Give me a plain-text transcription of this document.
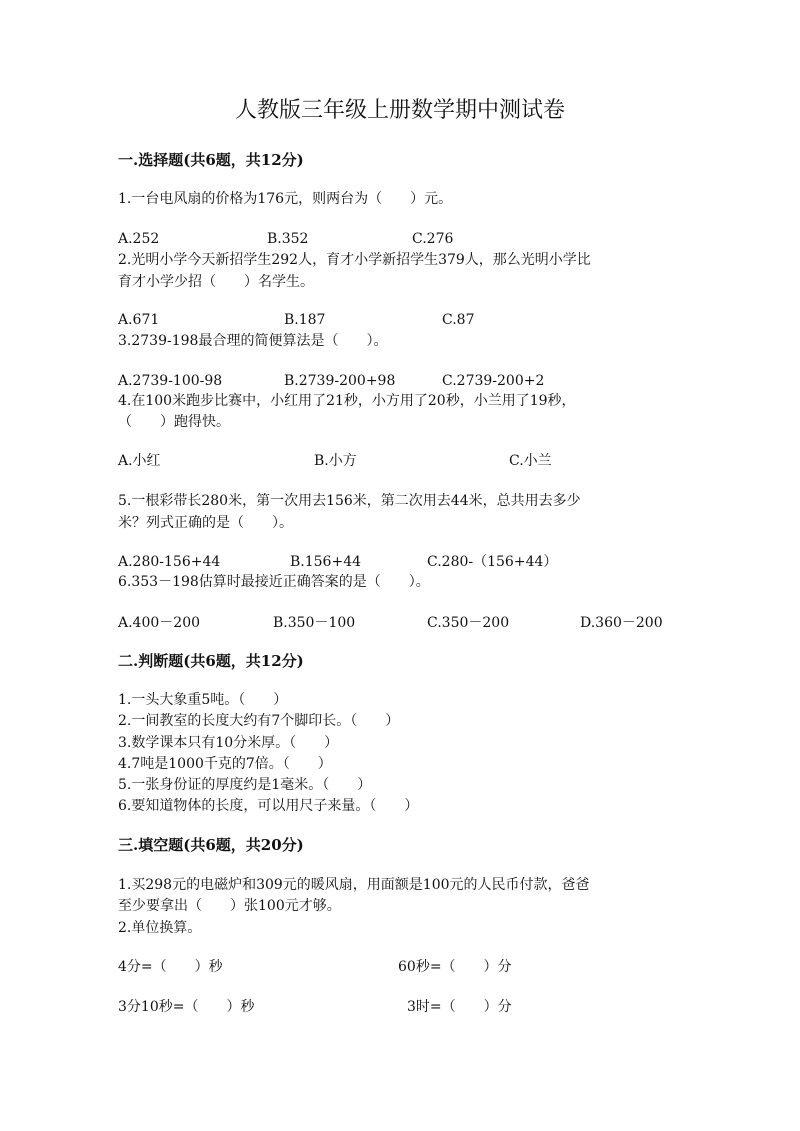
人教版三年级上册数学期中测试卷
一.选择题(共6题，共12分)
1.一台电风扇的价格为176元，则两台为（　　）元。
A.252	B.352	C.276
2.光明小学今天新招学生292人，育才小学新招学生379人，那么光明小学比
育才小学少招（　　）名学生。
A.671	B.187	C.87
3.2739-198最合理的简便算法是（　　）。
A.2739-100-98	B.2739-200+98	C.2739-200+2
4.在100米跑步比赛中，小红用了21秒，小方用了20秒，小兰用了19秒，
（　　）跑得快。
A.小红	B.小方	C.小兰
5.一根彩带长280米，第一次用去156米，第二次用去44米，总共用去多少
米？列式正确的是（　　）。
A.280-156+44	B.156+44	C.280-（156+44）
6.353－198估算时最接近正确答案的是（　　）。
A.400－200	B.350－100	C.350－200	D.360－200
二.判断题(共6题，共12分)
1.一头大象重5吨。（　　）
2.一间教室的长度大约有7个脚印长。（　　）
3.数学课本只有10分米厚。（　　）
4.7吨是1000千克的7倍。（　　）
5.一张身份证的厚度约是1毫米。（　　）
6.要知道物体的长度，可以用尺子来量。（　　）
三.填空题(共6题，共20分)
1.买298元的电磁炉和309元的暖风扇，用面额是100元的人民币付款，爸爸
至少要拿出（　　）张100元才够。
2.单位换算。
4分=（　　）秒	60秒=（　　）分
3分10秒=（　　）秒	3时=（　　）分
